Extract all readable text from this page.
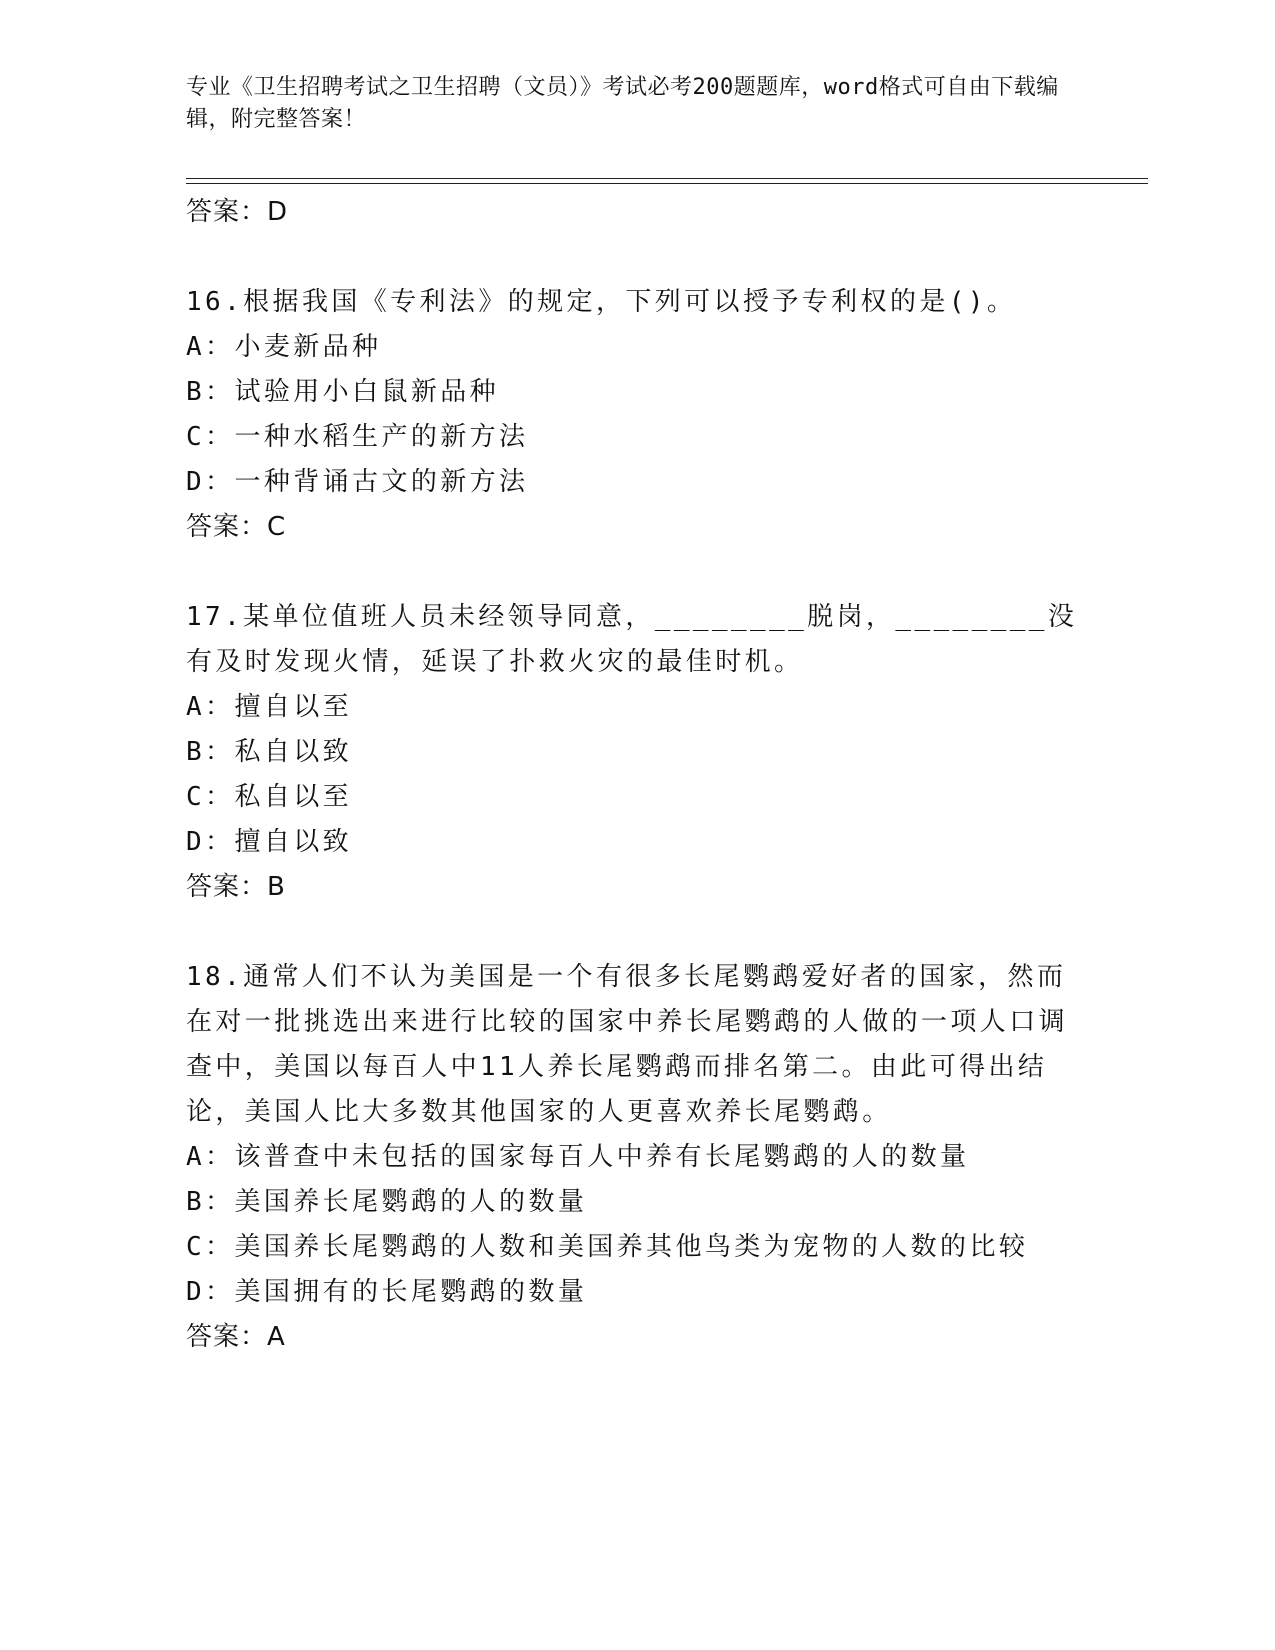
专业《卫生招聘考试之卫生招聘（文员）》考试必考200题题库，word格式可自由下载编辑，附完整答案！
答案：D
16.根据我国《专利法》的规定，下列可以授予专利权的是()。
A：小麦新品种
B：试验用小白鼠新品种
C：一种水稻生产的新方法
D：一种背诵古文的新方法
答案：C
17.某单位值班人员未经领导同意，________脱岗，________没有及时发现火情，延误了扑救火灾的最佳时机。
A：擅自以至
B：私自以致
C：私自以至
D：擅自以致
答案：B
18.通常人们不认为美国是一个有很多长尾鹦鹉爱好者的国家，然而在对一批挑选出来进行比较的国家中养长尾鹦鹉的人做的一项人口调查中，美国以每百人中11人养长尾鹦鹉而排名第二。由此可得出结论，美国人比大多数其他国家的人更喜欢养长尾鹦鹉。
A：该普查中未包括的国家每百人中养有长尾鹦鹉的人的数量
B：美国养长尾鹦鹉的人的数量
C：美国养长尾鹦鹉的人数和美国养其他鸟类为宠物的人数的比较
D：美国拥有的长尾鹦鹉的数量
答案：A
